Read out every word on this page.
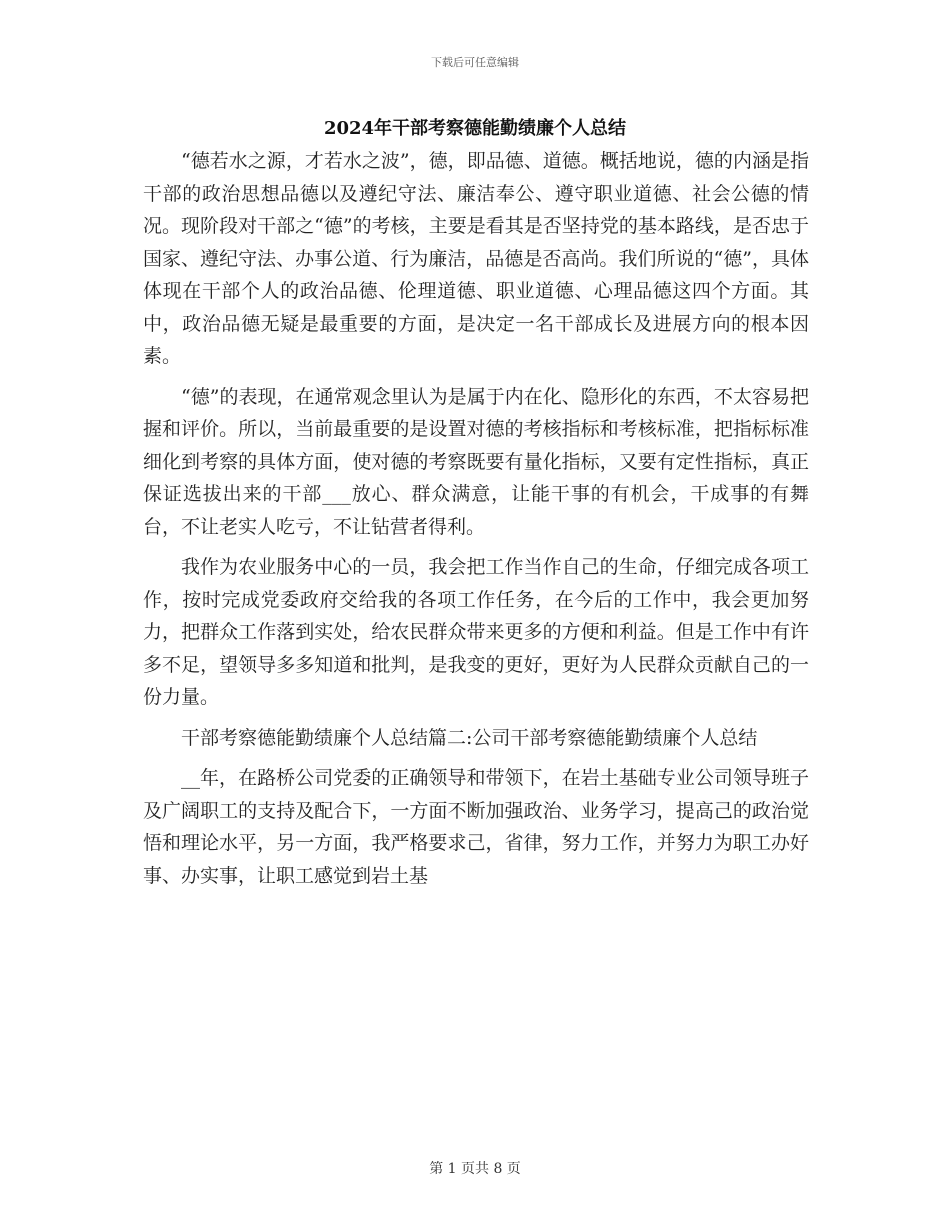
下载后可任意编辑
2024年干部考察德能勤绩廉个人总结

“德若水之源，才若水之波”，德，即品德、道德。概括地说，德的内涵是指干部的政治思想品德以及遵纪守法、廉洁奉公、遵守职业道德、社会公德的情况。现阶段对干部之“德”的考核，主要是看其是否坚持党的基本路线，是否忠于国家、遵纪守法、办事公道、行为廉洁，品德是否高尚。我们所说的“德”，具体体现在干部个人的政治品德、伦理道德、职业道德、心理品德这四个方面。其中，政治品德无疑是最重要的方面，是决定一名干部成长及进展方向的根本因素。

“德”的表现，在通常观念里认为是属于内在化、隐形化的东西，不太容易把握和评价。所以，当前最重要的是设置对德的考核指标和考核标准，把指标标准细化到考察的具体方面，使对德的考察既要有量化指标，又要有定性指标，真正保证选拔出来的干部___放心、群众满意，让能干事的有机会，干成事的有舞台，不让老实人吃亏，不让钻营者得利。

我作为农业服务中心的一员，我会把工作当作自己的生命，仔细完成各项工作，按时完成党委政府交给我的各项工作任务，在今后的工作中，我会更加努力，把群众工作落到实处，给农民群众带来更多的方便和利益。但是工作中有许多不足，望领导多多知道和批判，是我变的更好，更好为人民群众贡献自己的一份力量。

干部考察德能勤绩廉个人总结篇二:公司干部考察德能勤绩廉个人总结

__年，在路桥公司党委的正确领导和带领下，在岩土基础专业公司领导班子及广阔职工的支持及配合下，一方面不断加强政治、业务学习，提高己的政治觉悟和理论水平，另一方面，我严格要求己，省律，努力工作，并努力为职工办好事、办实事，让职工感觉到岩土基

第 1 页共 8 页
